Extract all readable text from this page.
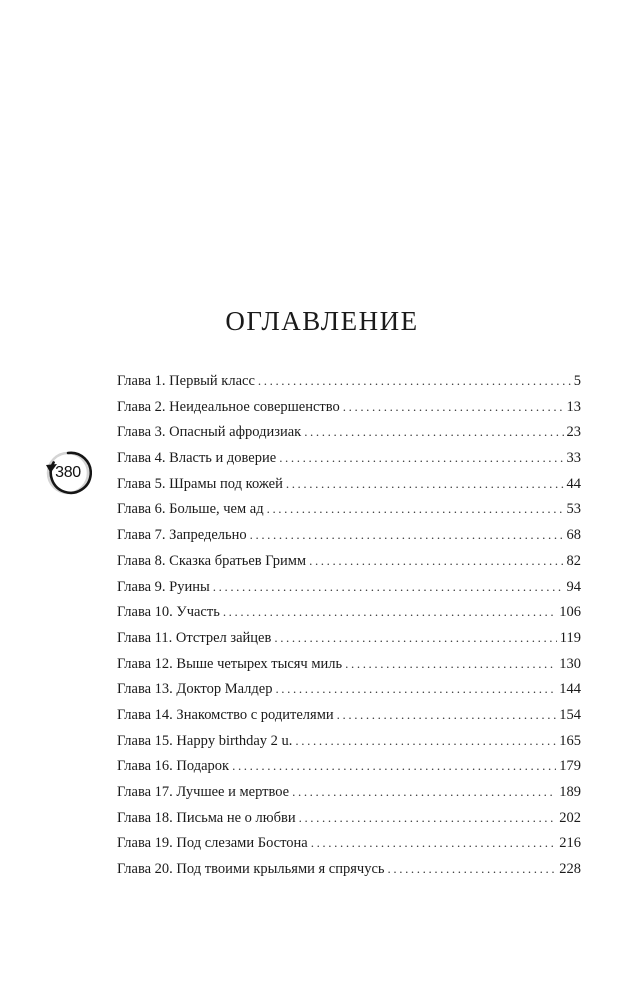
380
ОГЛАВЛЕНИЕ
Глава 1. Первый класс .....	5
Глава 2. Неидеальное совершенство .....	13
Глава 3. Опасный афродизиак .....	23
Глава 4. Власть и доверие .....	33
Глава 5. Шрамы под кожей .....	44
Глава 6. Больше, чем ад .....	53
Глава 7. Запредельно .....	68
Глава 8. Сказка братьев Гримм .....	82
Глава 9. Руины .....	94
Глава 10. Участь .....	106
Глава 11. Отстрел зайцев .....	119
Глава 12. Выше четырех тысяч миль .....	130
Глава 13. Доктор Малдер .....	144
Глава 14. Знакомство с родителями .....	154
Глава 15. Happy birthday 2 u. .....	165
Глава 16. Подарок .....	179
Глава 17. Лучшее и мертвое .....	189
Глава 18. Письма не о любви .....	202
Глава 19. Под слезами Бостона .....	216
Глава 20. Под твоими крыльями я спрячусь .....	228
